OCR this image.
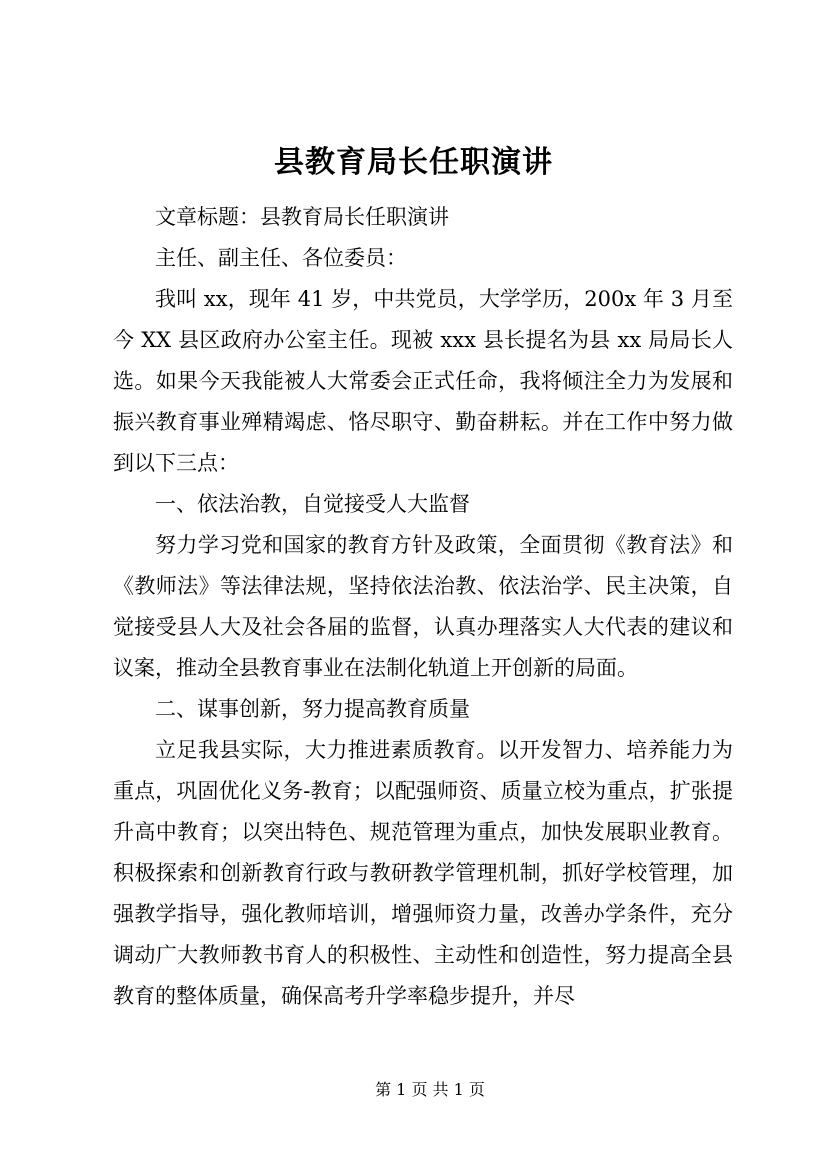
县教育局长任职演讲

文章标题：县教育局长任职演讲

主任、副主任、各位委员：

我叫 xx，现年 41 岁，中共党员，大学学历，200x 年 3 月至今 XX 县区政府办公室主任。现被 xxx 县长提名为县 xx 局局长人选。如果今天我能被人大常委会正式任命，我将倾注全力为发展和振兴教育事业殚精竭虑、恪尽职守、勤奋耕耘。并在工作中努力做到以下三点：

一、依法治教，自觉接受人大监督

努力学习党和国家的教育方针及政策，全面贯彻《教育法》和《教师法》等法律法规，坚持依法治教、依法治学、民主决策，自觉接受县人大及社会各届的监督，认真办理落实人大代表的建议和议案，推动全县教育事业在法制化轨道上开创新的局面。

二、谋事创新，努力提高教育质量

立足我县实际，大力推进素质教育。以开发智力、培养能力为重点，巩固优化义务-教育；以配强师资、质量立校为重点，扩张提升高中教育；以突出特色、规范管理为重点，加快发展职业教育。积极探索和创新教育行政与教研教学管理机制，抓好学校管理，加强教学指导，强化教师培训，增强师资力量，改善办学条件，充分调动广大教师教书育人的积极性、主动性和创造性，努力提高全县教育的整体质量，确保高考升学率稳步提升，并尽

第 1 页 共 1 页
